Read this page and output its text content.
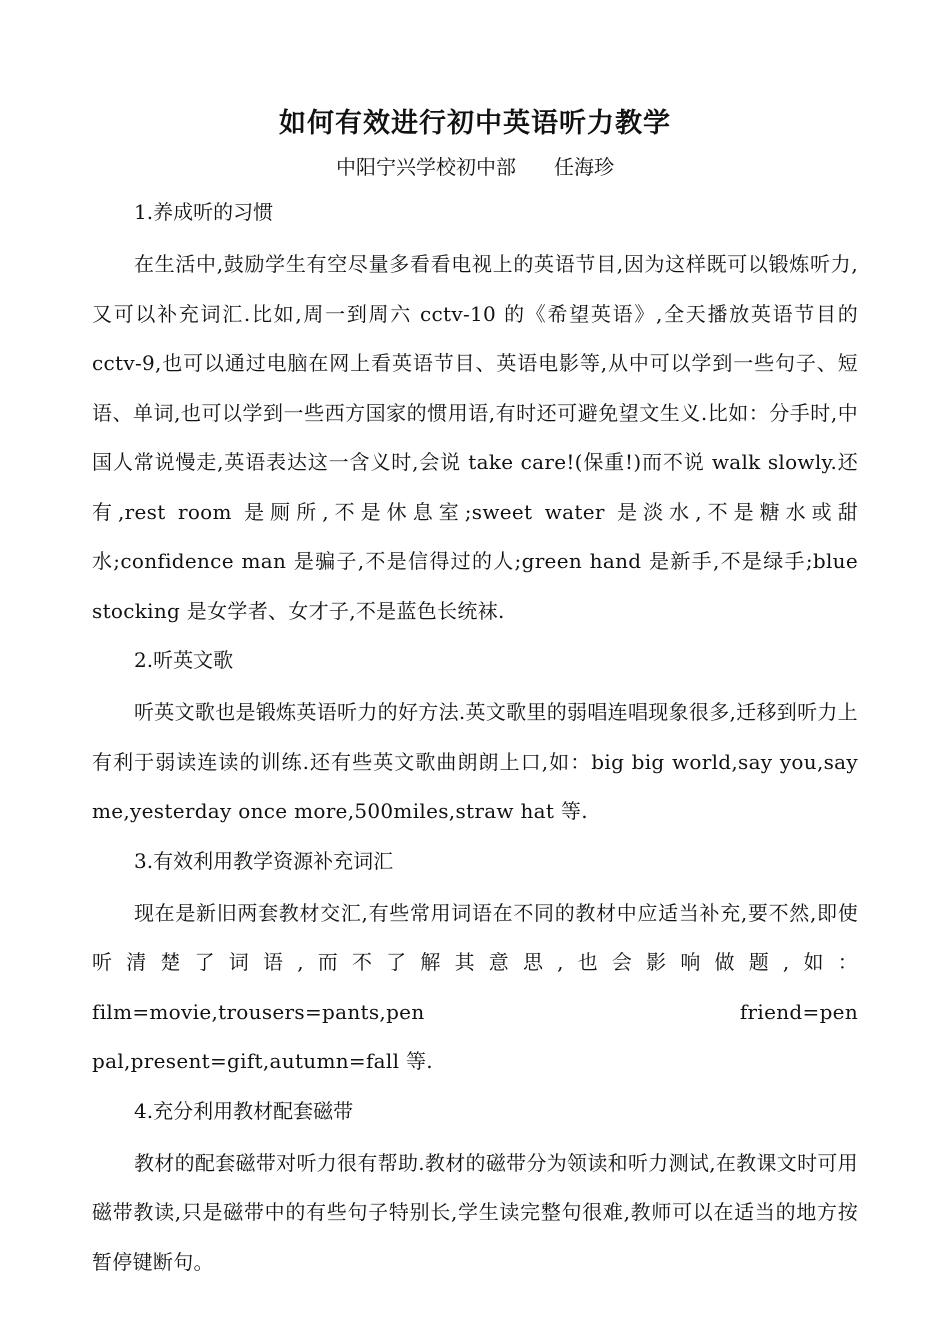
如何有效进行初中英语听力教学
中阳宁兴学校初中部 任海珍
1.养成听的习惯

在生活中,鼓励学生有空尽量多看看电视上的英语节目,因为这样既可以锻炼听力,又可以补充词汇.比如,周一到周六 cctv-10 的《希望英语》,全天播放英语节目的 cctv-9,也可以通过电脑在网上看英语节目、英语电影等,从中可以学到一些句子、短语、单词,也可以学到一些西方国家的惯用语,有时还可避免望文生义.比如：分手时,中国人常说慢走,英语表达这一含义时,会说 take care!(保重!)而不说 walk slowly.还有,rest room 是厕所,不是休息室;sweet water 是淡水,不是糖水或甜水;confidence man 是骗子,不是信得过的人;green hand 是新手,不是绿手;blue stocking 是女学者、女才子,不是蓝色长统袜.

2.听英文歌

听英文歌也是锻炼英语听力的好方法.英文歌里的弱唱连唱现象很多,迁移到听力上有利于弱读连读的训练.还有些英文歌曲朗朗上口,如：big big world,say you,say me,yesterday once more,500miles,straw hat 等.

3.有效利用教学资源补充词汇

现在是新旧两套教材交汇,有些常用词语在不同的教材中应适当补充,要不然,即使听清楚了词语,而不了解其意思,也会影响做题,如：film=movie,trousers=pants,pen friend=pen pal,present=gift,autumn=fall 等.

4.充分利用教材配套磁带

教材的配套磁带对听力很有帮助.教材的磁带分为领读和听力测试,在教课文时可用磁带教读,只是磁带中的有些句子特别长,学生读完整句很难,教师可以在适当的地方按暂停键断句。
